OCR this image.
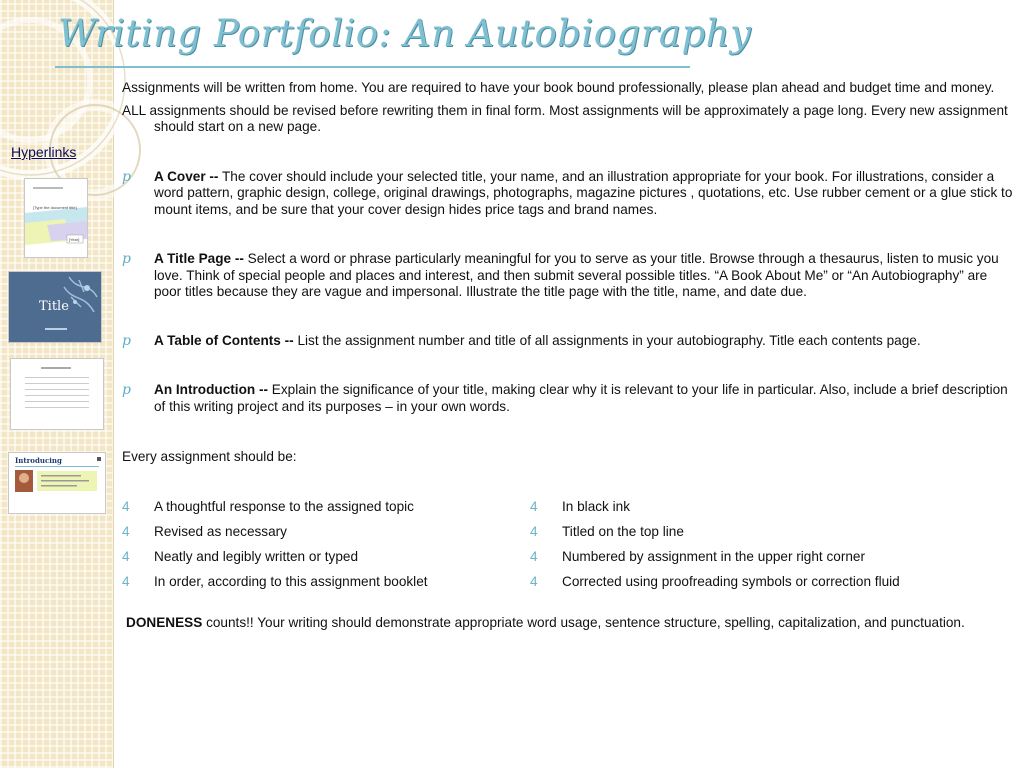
Writing Portfolio: An Autobiography
Hyperlinks
[Type the document title]
[Year]
Title
Introducing

Assignments will be written from home. You are required to have your book bound professionally, please plan ahead and budget time and money.

ALL assignments should be revised before rewriting them in final form. Most assignments will be approximately a page long. Every new assignment should start on a new page.

p A Cover -- The cover should include your selected title, your name, and an illustration appropriate for your book. For illustrations, consider a word pattern, graphic design, college, original drawings, photographs, magazine pictures , quotations, etc. Use rubber cement or a glue stick to mount items, and be sure that your cover design hides price tags and brand names.
p A Title Page -- Select a word or phrase particularly meaningful for you to serve as your title. Browse through a thesaurus, listen to music you love. Think of special people and places and interest, and then submit several possible titles. “A Book About Me” or “An Autobiography” are poor titles because they are vague and impersonal. Illustrate the title page with the title, name, and date due.
p A Table of Contents -- List the assignment number and title of all assignments in your autobiography. Title each contents page.
p An Introduction -- Explain the significance of your title, making clear why it is relevant to your life in particular. Also, include a brief description of this writing project and its purposes – in your own words.
Every assignment should be:
4 A thoughtful response to the assigned topic	4 In black ink
4 Revised as necessary	4 Titled on the top line
4 Neatly and legibly written or typed	4 Numbered by assignment in the upper right corner
4 In order, according to this assignment booklet	4 Corrected using proofreading symbols or correction fluid

DONENESS counts!! Your writing should demonstrate appropriate word usage, sentence structure, spelling, capitalization, and punctuation.
